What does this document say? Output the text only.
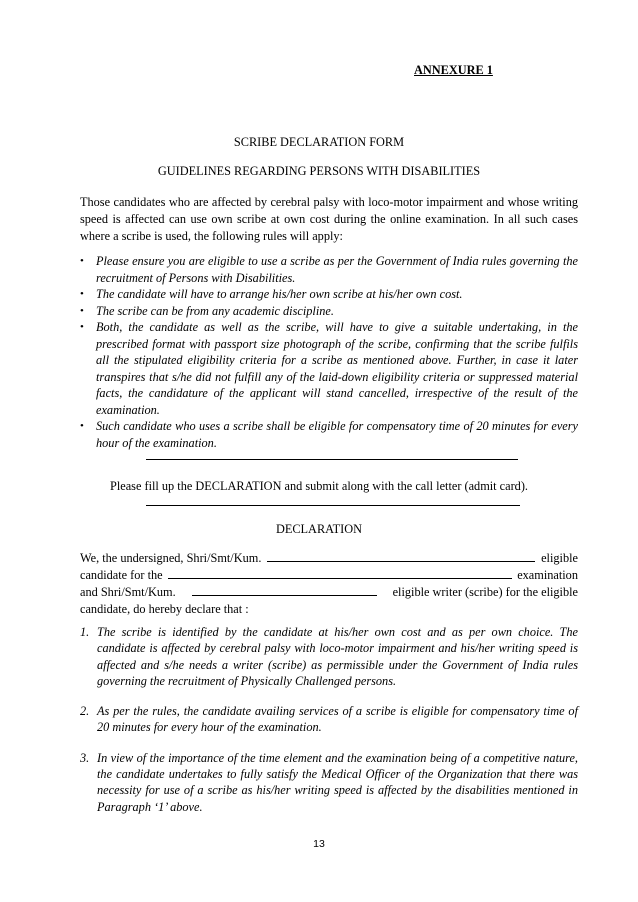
ANNEXURE 1
SCRIBE DECLARATION FORM
GUIDELINES REGARDING PERSONS WITH DISABILITIES

Those candidates who are affected by cerebral palsy with loco-motor impairment and whose writing speed is affected can use own scribe at own cost during the online examination. In all such cases where a scribe is used, the following rules will apply:

• Please ensure you are eligible to use a scribe as per the Government of India rules governing the recruitment of Persons with Disabilities.
• The candidate will have to arrange his/her own scribe at his/her own cost.
• The scribe can be from any academic discipline.
• Both, the candidate as well as the scribe, will have to give a suitable undertaking, in the prescribed format with passport size photograph of the scribe, confirming that the scribe fulfils all the stipulated eligibility criteria for a scribe as mentioned above. Further, in case it later transpires that s/he did not fulfill any of the laid-down eligibility criteria or suppressed material facts, the candidature of the applicant will stand cancelled, irrespective of the result of the examination.
• Such candidate who uses a scribe shall be eligible for compensatory time of 20 minutes for every hour of the examination.
Please fill up the DECLARATION and submit along with the call letter (admit card).
DECLARATION
We, the undersigned, Shri/Smt/Kum.	eligible
candidate for the	examination
and Shri/Smt/Kum.	eligible writer (scribe) for the eligible
candidate, do hereby declare that :
1. The scribe is identified by the candidate at his/her own cost and as per own choice. The candidate is affected by cerebral palsy with loco-motor impairment and his/her writing speed is affected and s/he needs a writer (scribe) as permissible under the Government of India rules governing the recruitment of Physically Challenged persons.
2. As per the rules, the candidate availing services of a scribe is eligible for compensatory time of 20 minutes for every hour of the examination.
3. In view of the importance of the time element and the examination being of a competitive nature, the candidate undertakes to fully satisfy the Medical Officer of the Organization that there was necessity for use of a scribe as his/her writing speed is affected by the disabilities mentioned in Paragraph ‘1’ above.
13
